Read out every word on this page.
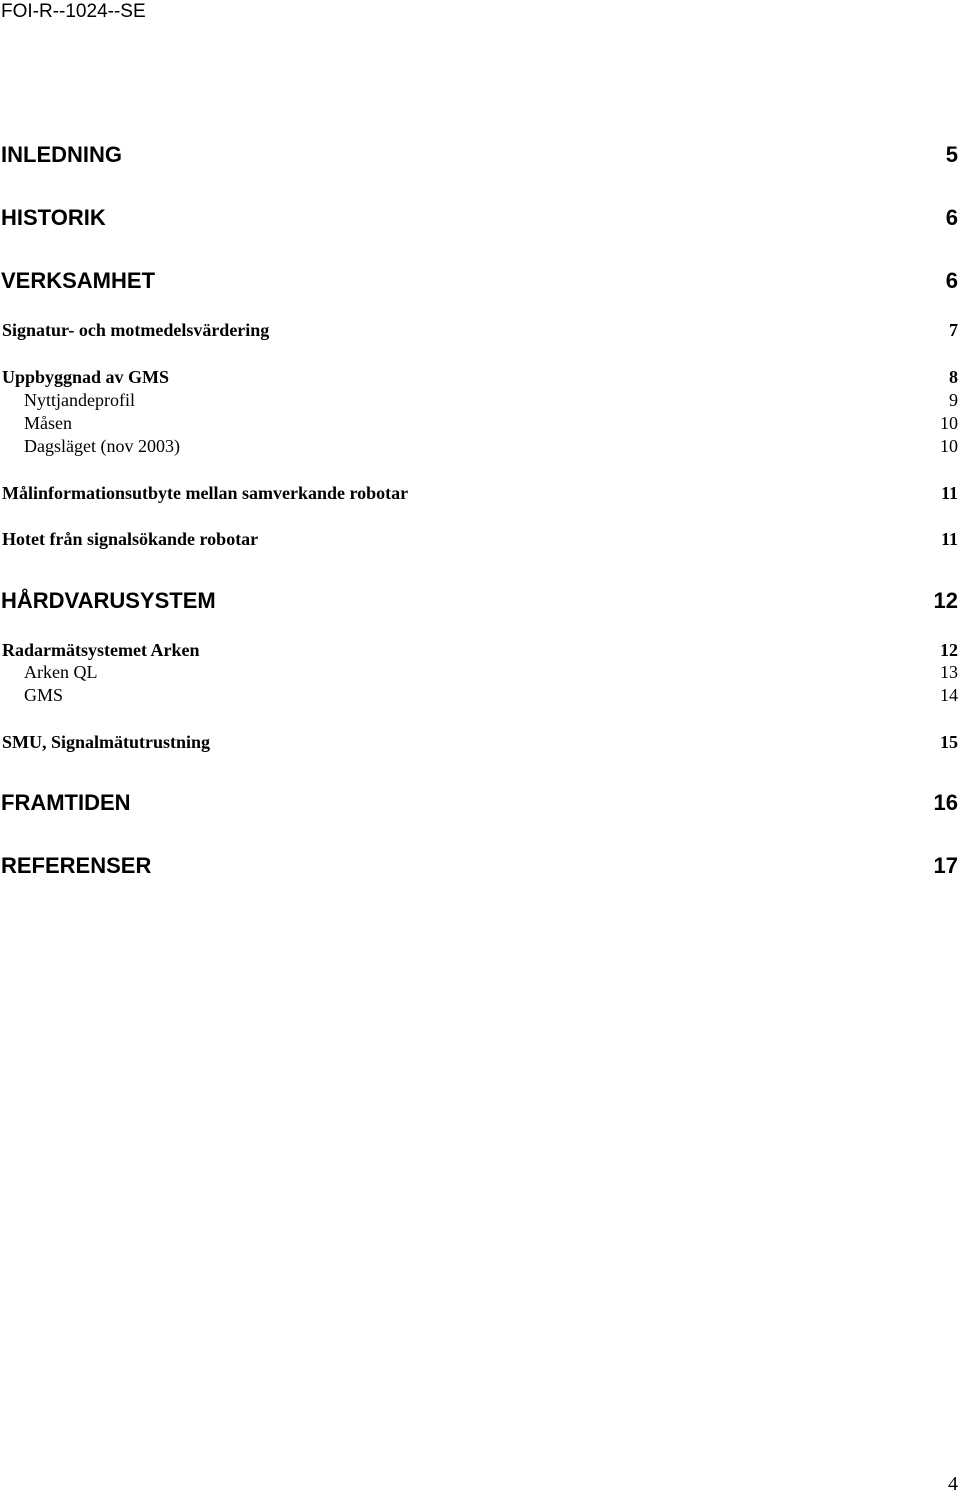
FOI-R--1024--SE
INLEDNING	5
HISTORIK	6
VERKSAMHET	6
Signatur- och motmedelsvärdering	7
Uppbyggnad av GMS	8
Nyttjandeprofil	9
Måsen	10
Dagsläget (nov 2003)	10
Målinformationsutbyte mellan samverkande robotar	11
Hotet från signalsökande robotar	11
HÅRDVARUSYSTEM	12
Radarmätsystemet Arken	12
Arken QL	13
GMS	14
SMU, Signalmätutrustning	15
FRAMTIDEN	16
REFERENSER	17
4
